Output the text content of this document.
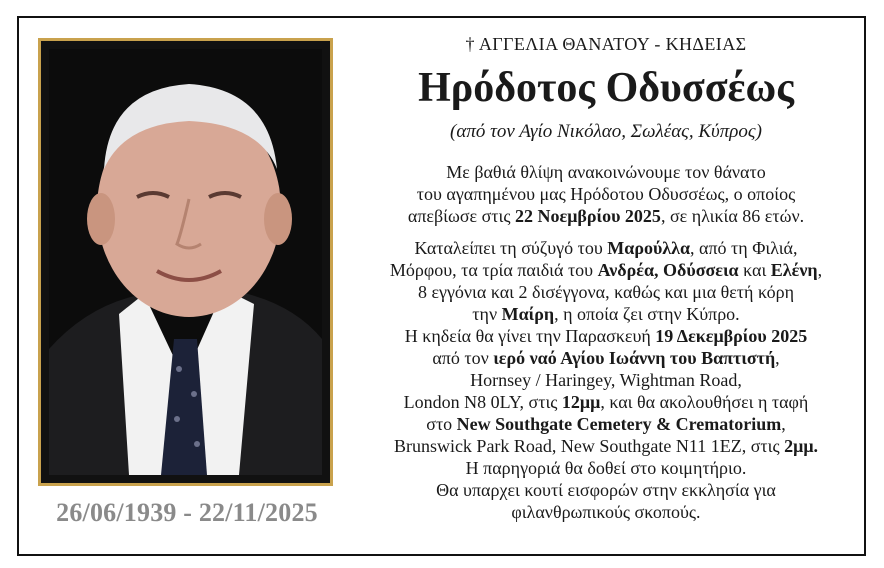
26/06/1939 - 22/11/2025

† ΑΓΓΕΛΙΑ ΘΑΝΑΤΟΥ - ΚΗΔΕΙΑΣ

Ηρόδοτος Οδυσσέως

(από τον Αγίο Νικόλαο, Σωλέας, Κύπρος)

Με βαθιά θλίψη ανακοινώνουμε τον θάνατο
του αγαπημένου μας Ηρόδοτου Οδυσσέως, ο οποίος
απεβίωσε στις 22 Νοεμβρίου 2025, σε ηλικία 86 ετών.
Καταλείπει τη σύζυγό του Μαρούλλα, από τη Φιλιά,
Μόρφου, τα τρία παιδιά του Ανδρέα, Οδύσσεια και Ελένη,
8 εγγόνια και 2 δισέγγονα, καθώς και μια θετή κόρη
την Μαίρη, η οποία ζει στην Κύπρο.
Η κηδεία θα γίνει την Παρασκευή 19 Δεκεμβρίου 2025
από τον ιερό ναό Αγίου Ιωάννη του Βαπτιστή,
Hornsey / Haringey, Wightman Road,
London N8 0LY, στις 12μμ, και θα ακολουθήσει η ταφή
στο New Southgate Cemetery & Crematorium,
Brunswick Park Road, New Southgate N11 1EZ, στις 2μμ.
Η παρηγοριά θα δοθεί στο κοιμητήριο.
Θα υπαρχει κουτί εισφορών στην εκκλησία για
φιλανθρωπικούς σκοπούς.
